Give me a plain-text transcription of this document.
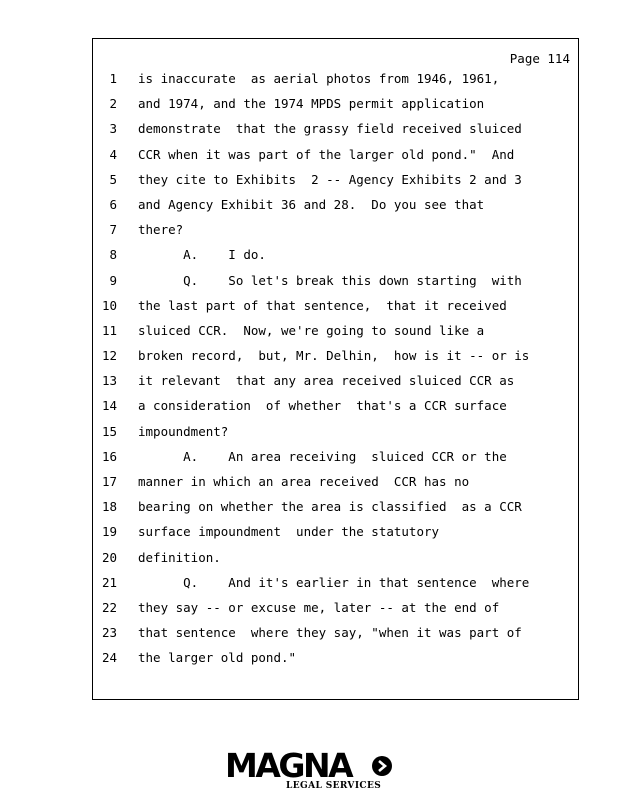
Page 114
1 is inaccurate  as aerial photos from 1946, 1961,
2 and 1974, and the 1974 MPDS permit application
3 demonstrate  that the grassy field received sluiced
4 CCR when it was part of the larger old pond."  And
5 they cite to Exhibits  2 -- Agency Exhibits 2 and 3
6 and Agency Exhibit 36 and 28.  Do you see that
7 there?
8 A.    I do.
9 Q.    So let's break this down starting  with
10 the last part of that sentence,  that it received
11 sluiced CCR.  Now, we're going to sound like a
12 broken record,  but, Mr. Delhin,  how is it -- or is
13 it relevant  that any area received sluiced CCR as
14 a consideration  of whether  that's a CCR surface
15 impoundment?
16 A.    An area receiving  sluiced CCR or the
17 manner in which an area received  CCR has no
18 bearing on whether the area is classified  as a CCR
19 surface impoundment  under the statutory
20 definition.
21 Q.    And it's earlier in that sentence  where
22 they say -- or excuse me, later -- at the end of
23 that sentence  where they say, "when it was part of
24 the larger old pond."
MAGNA
LEGAL SERVICES
